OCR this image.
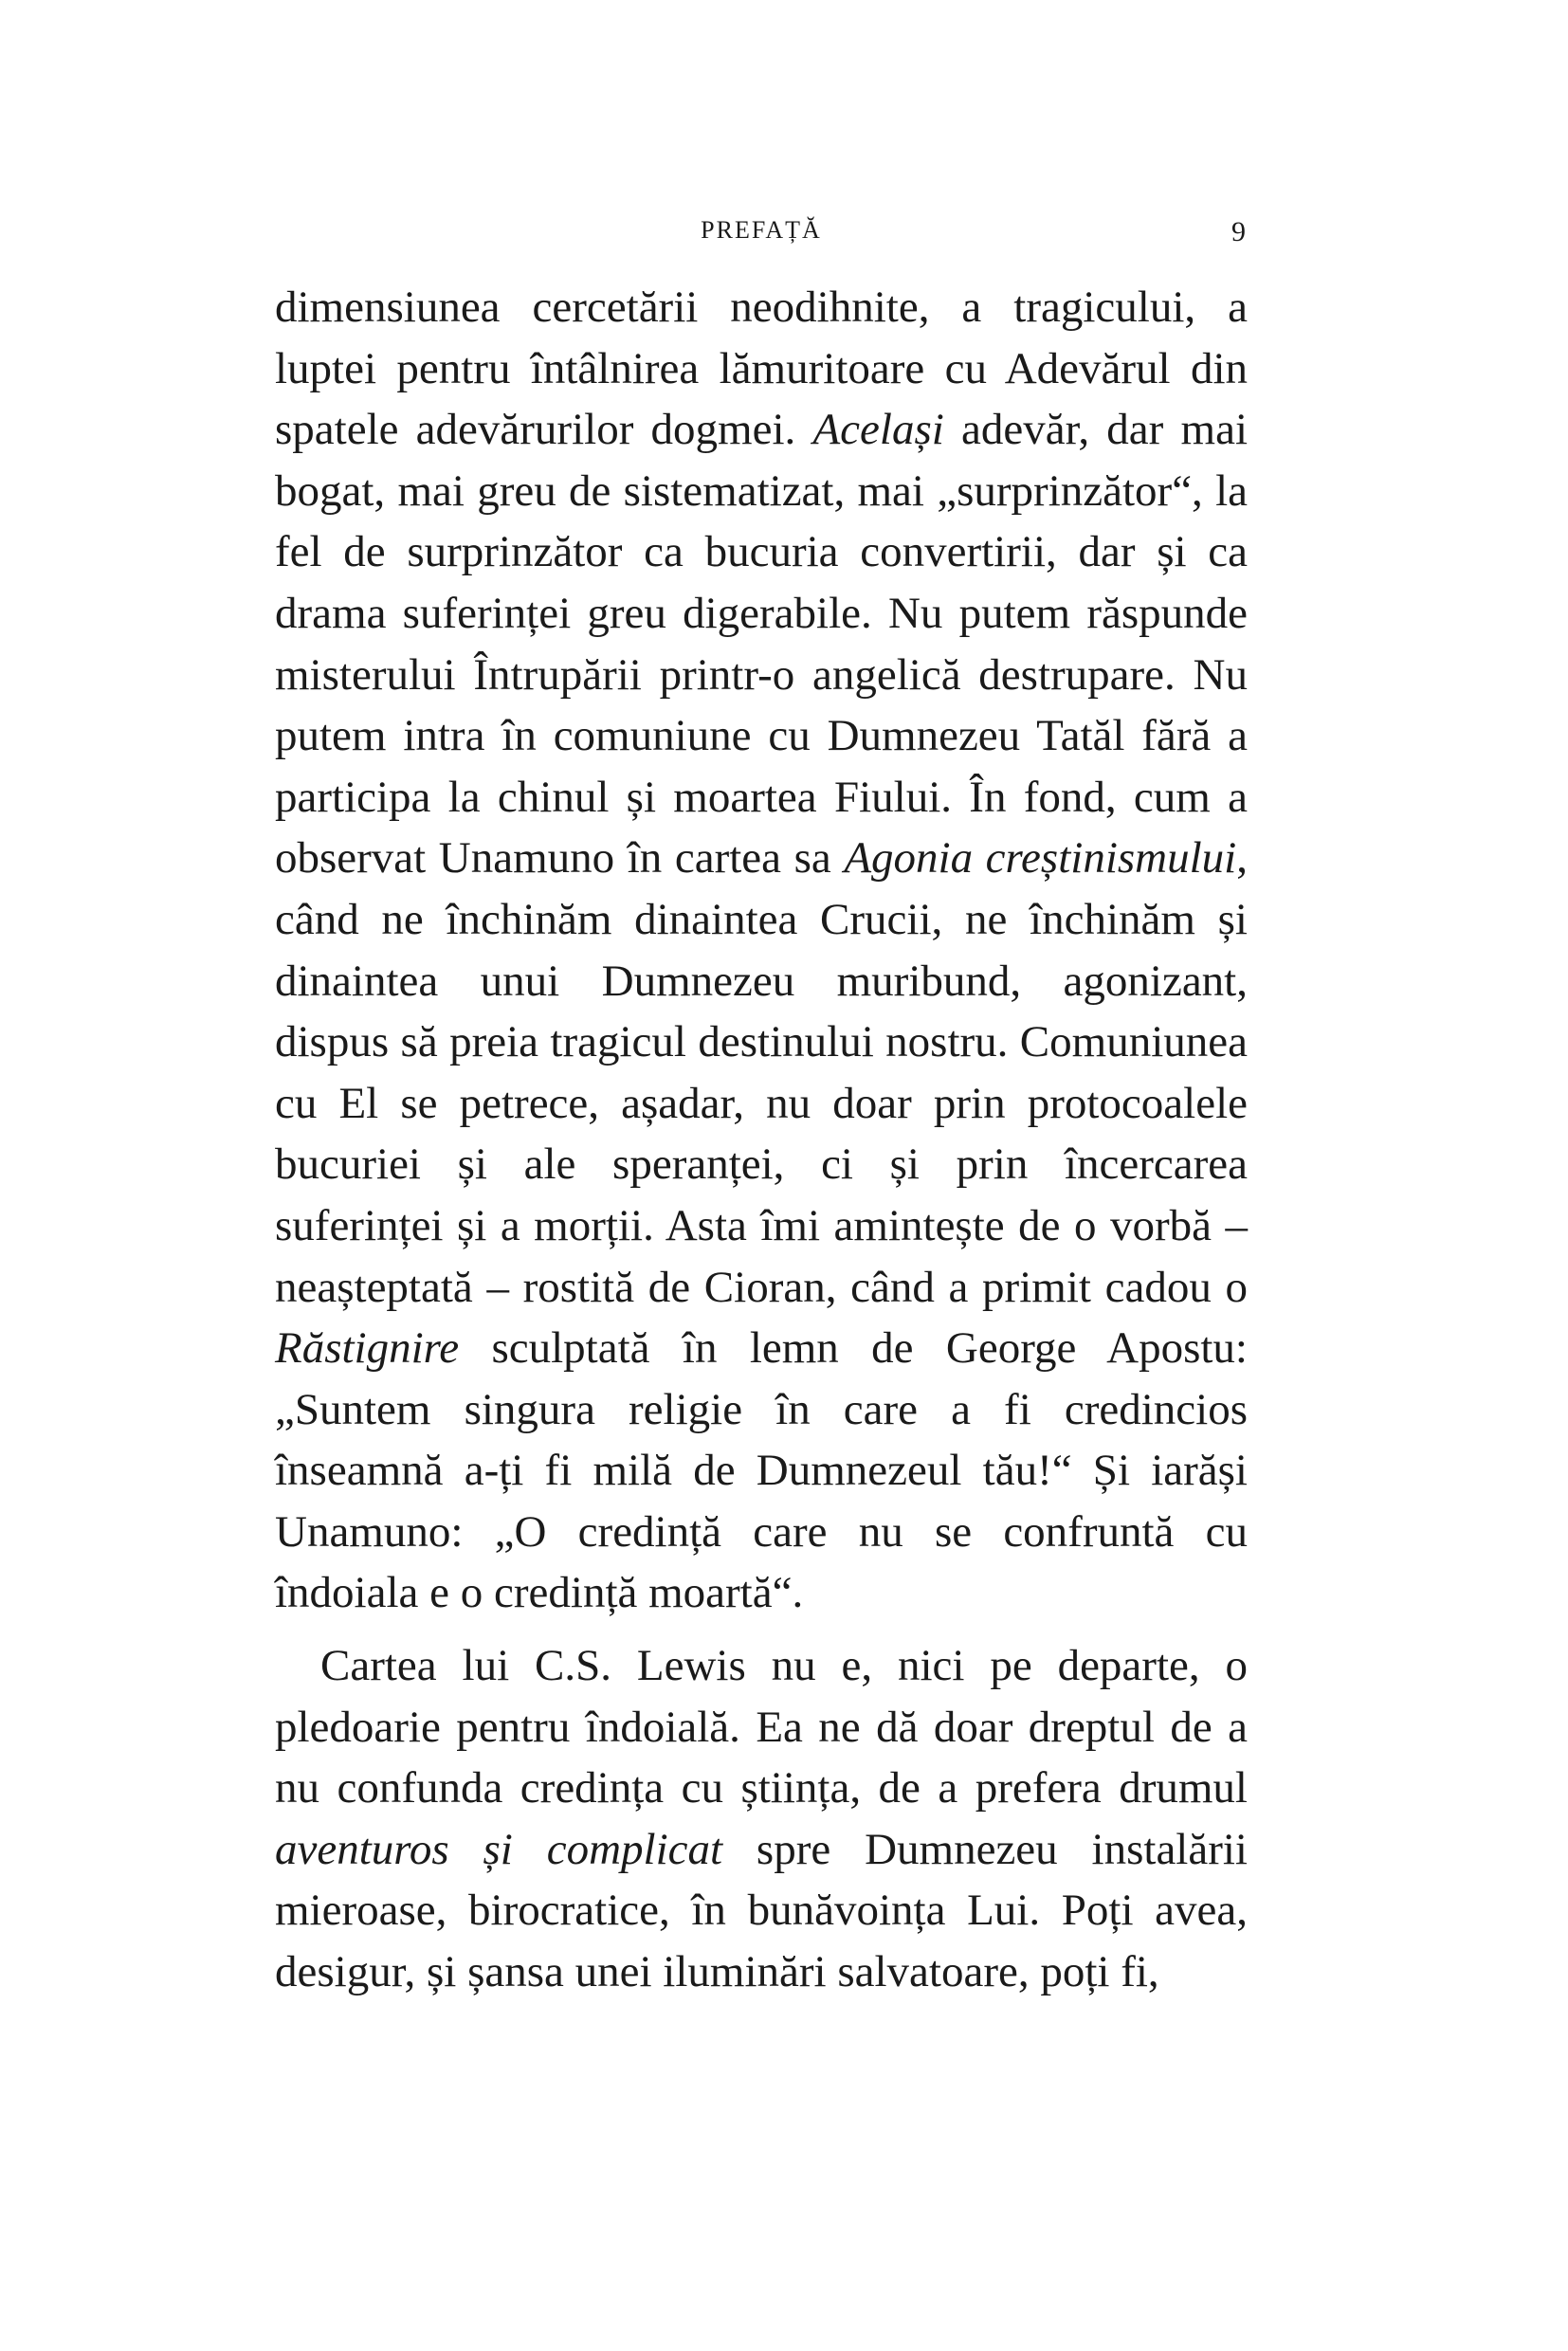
PREFAȚĂ	9

dimensiunea cercetării neodihnite, a tragicului, a luptei pentru întâlnirea lămuritoare cu Adevărul din spatele adevărurilor dogmei. Același adevăr, dar mai bogat, mai greu de sistematizat, mai „surprinzător“, la fel de surprinzător ca bucuria convertirii, dar și ca drama suferinței greu digerabile. Nu putem răspunde misterului Întrupării printr-o angelică destrupare. Nu putem intra în comuniune cu Dumnezeu Tatăl fără a participa la chinul și moartea Fiului. În fond, cum a observat Unamuno în cartea sa Agonia creștinismului, când ne închinăm dinaintea Crucii, ne închinăm și dinaintea unui Dumnezeu muribund, agonizant, dispus să preia tragicul destinului nostru. Comuniunea cu El se petrece, așadar, nu doar prin protocoalele bucuriei și ale speranței, ci și prin încercarea suferinței și a morții. Asta îmi amintește de o vorbă – neașteptată – rostită de Cioran, când a primit cadou o Răstignire sculptată în lemn de George Apostu: „Suntem singura religie în care a fi credincios înseamnă a-ți fi milă de Dumnezeul tău!“ Și iarăși Unamuno: „O credință care nu se confruntă cu îndoiala e o credință moartă“.

Cartea lui C.S. Lewis nu e, nici pe departe, o pledoarie pentru îndoială. Ea ne dă doar dreptul de a nu confunda credința cu știința, de a prefera drumul aventuros și complicat spre Dumnezeu instalării mieroase, birocratice, în bunăvoința Lui. Poți avea, desigur, și șansa unei iluminări salvatoare, poți fi,
